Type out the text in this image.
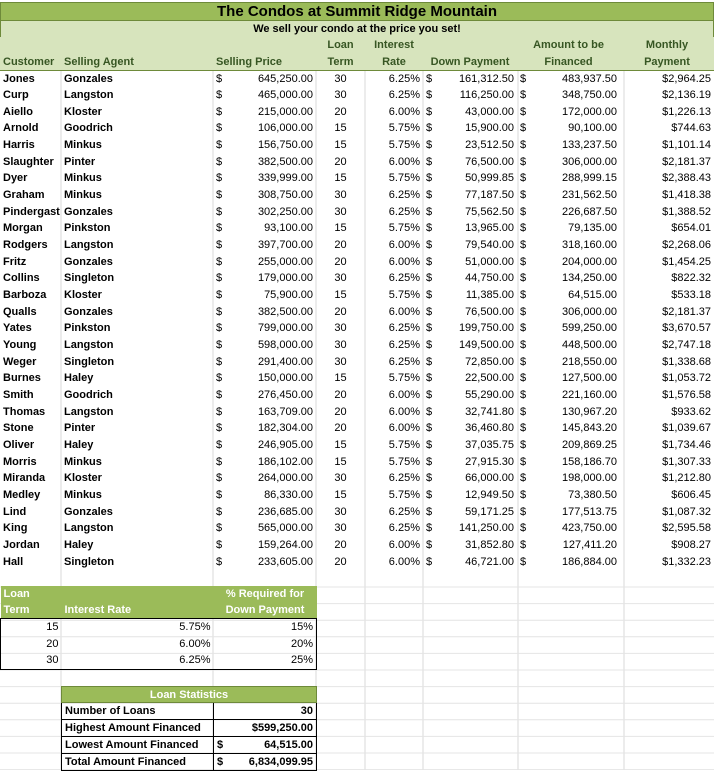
The Condos at Summit Ridge Mountain
We sell your condo at the price you set!
				Loan	Interest			Amount to be		Monthly
Customer	Selling Agent	Selling Price		Term	Rate	Down Payment		Financed		Payment
Jones	Gonzales	$	645,250.00	30	6.25%	$	161,312.50	$	483,937.50	$2,964.25
Curp	Langston	$	465,000.00	30	6.25%	$	116,250.00	$	348,750.00	$2,136.19
Aiello	Kloster	$	215,000.00	20	6.00%	$	43,000.00	$	172,000.00	$1,226.13
Arnold	Goodrich	$	106,000.00	15	5.75%	$	15,900.00	$	90,100.00	$744.63
Harris	Minkus	$	156,750.00	15	5.75%	$	23,512.50	$	133,237.50	$1,101.14
Slaughter	Pinter	$	382,500.00	20	6.00%	$	76,500.00	$	306,000.00	$2,181.37
Dyer	Minkus	$	339,999.00	15	5.75%	$	50,999.85	$	288,999.15	$2,388.43
Graham	Minkus	$	308,750.00	30	6.25%	$	77,187.50	$	231,562.50	$1,418.38
Pindergast	Gonzales	$	302,250.00	30	6.25%	$	75,562.50	$	226,687.50	$1,388.52
Morgan	Pinkston	$	93,100.00	15	5.75%	$	13,965.00	$	79,135.00	$654.01
Rodgers	Langston	$	397,700.00	20	6.00%	$	79,540.00	$	318,160.00	$2,268.06
Fritz	Gonzales	$	255,000.00	20	6.00%	$	51,000.00	$	204,000.00	$1,454.25
Collins	Singleton	$	179,000.00	30	6.25%	$	44,750.00	$	134,250.00	$822.32
Barboza	Kloster	$	75,900.00	15	5.75%	$	11,385.00	$	64,515.00	$533.18
Qualls	Gonzales	$	382,500.00	20	6.00%	$	76,500.00	$	306,000.00	$2,181.37
Yates	Pinkston	$	799,000.00	30	6.25%	$	199,750.00	$	599,250.00	$3,670.57
Young	Langston	$	598,000.00	30	6.25%	$	149,500.00	$	448,500.00	$2,747.18
Weger	Singleton	$	291,400.00	30	6.25%	$	72,850.00	$	218,550.00	$1,338.68
Burnes	Haley	$	150,000.00	15	5.75%	$	22,500.00	$	127,500.00	$1,053.72
Smith	Goodrich	$	276,450.00	20	6.00%	$	55,290.00	$	221,160.00	$1,576.58
Thomas	Langston	$	163,709.00	20	6.00%	$	32,741.80	$	130,967.20	$933.62
Stone	Pinter	$	182,304.00	20	6.00%	$	36,460.80	$	145,843.20	$1,039.67
Oliver	Haley	$	246,905.00	15	5.75%	$	37,035.75	$	209,869.25	$1,734.46
Morris	Minkus	$	186,102.00	15	5.75%	$	27,915.30	$	158,186.70	$1,307.33
Miranda	Kloster	$	264,000.00	30	6.25%	$	66,000.00	$	198,000.00	$1,212.80
Medley	Minkus	$	86,330.00	15	5.75%	$	12,949.50	$	73,380.50	$606.45
Lind	Gonzales	$	236,685.00	30	6.25%	$	59,171.25	$	177,513.75	$1,087.32
King	Langston	$	565,000.00	30	6.25%	$	141,250.00	$	423,750.00	$2,595.58
Jordan	Haley	$	159,264.00	20	6.00%	$	31,852.80	$	127,411.20	$908.27
Hall	Singleton	$	233,605.00	20	6.00%	$	46,721.00	$	186,884.00	$1,332.23
Loan		% Required for
Term	Interest Rate	Down Payment
15	5.75%	15%
20	6.00%	20%
30	6.25%	25%
Loan Statistics		
Number of Loans	30	
Highest Amount Financed	$599,250.00	
Lowest Amount Financed	$	64,515.00
Total Amount Financed	$	6,834,099.95
